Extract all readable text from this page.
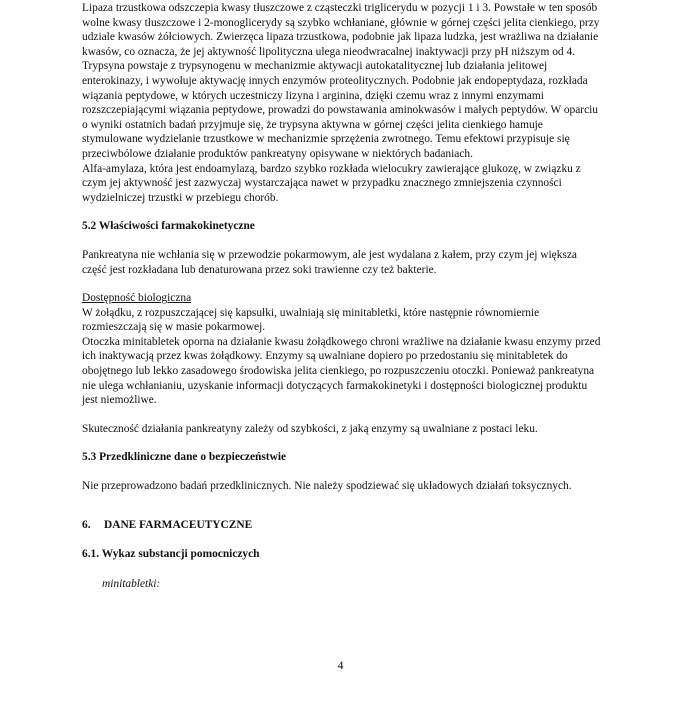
Lipaza trzustkowa odszczepia kwasy tłuszczowe z cząsteczki triglicerydu w pozycji 1 i 3. Powstałe w ten sposób wolne kwasy tłuszczowe i 2-monoglicerydy są szybko wchłaniane, głównie w górnej części jelita cienkiego, przy udziale kwasów żółciowych. Zwierzęca lipaza trzustkowa, podobnie jak lipaza ludzka, jest wrażliwa na działanie kwasów, co oznacza, że jej aktywność lipolityczna ulega nieodwracalnej inaktywacji przy pH niższym od 4.

Trypsyna powstaje z trypsynogenu w mechanizmie aktywacji autokatalitycznej lub działania jelitowej enterokinazy, i wywołuje aktywację innych enzymów proteolitycznych. Podobnie jak endopeptydaza, rozkłada wiązania peptydowe, w których uczestniczy lizyna i arginina, dzięki czemu wraz z innymi enzymami rozszczepiającymi wiązania peptydowe, prowadzi do powstawania aminokwasów i małych peptydów. W oparciu o wyniki ostatnich badań przyjmuje się, że trypsyna aktywna w górnej części jelita cienkiego hamuje stymulowane wydzielanie trzustkowe w mechanizmie sprzężenia zwrotnego. Temu efektowi przypisuje się przeciwbólowe działanie produktów pankreatyny opisywane w niektórych badaniach.

Alfa-amylaza, która jest endoamylazą, bardzo szybko rozkłada wielocukry zawierające glukozę, w związku z czym jej aktywność jest zazwyczaj wystarczająca nawet w przypadku znacznego zmniejszenia czynności wydzielniczej trzustki w przebiegu chorób.

5.2 Właściwości farmakokinetyczne

Pankreatyna nie wchłania się w przewodzie pokarmowym, ale jest wydalana z kałem, przy czym jej większa część jest rozkładana lub denaturowana przez soki trawienne czy też bakterie.

Dostępność biologiczna

W żołądku, z rozpuszczającej się kapsułki, uwalniają się minitabletki, które następnie równomiernie rozmieszczają się w masie pokarmowej.

Otoczka minitabletek oporna na działanie kwasu żołądkowego chroni wrażliwe na działanie kwasu enzymy przed ich inaktywacją przez kwas żołądkowy. Enzymy są uwalniane dopiero po przedostaniu się minitabletek do obojętnego lub lekko zasadowego środowiska jelita cienkiego, po rozpuszczeniu otoczki. Ponieważ pankreatyna nie ulega wchłanianiu, uzyskanie informacji dotyczących farmakokinetyki i dostępności biologicznej produktu jest niemożliwe.

Skuteczność działania pankreatyny zależy od szybkości, z jaką enzymy są uwalniane z postaci leku.

5.3 Przedkliniczne dane o bezpieczeństwie

Nie przeprowadzono badań przedklinicznych. Nie należy spodziewać się układowych działań toksycznych.

6. DANE FARMACEUTYCZNE
6.1. Wykaz substancji pomocniczych

minitabletki:

4
